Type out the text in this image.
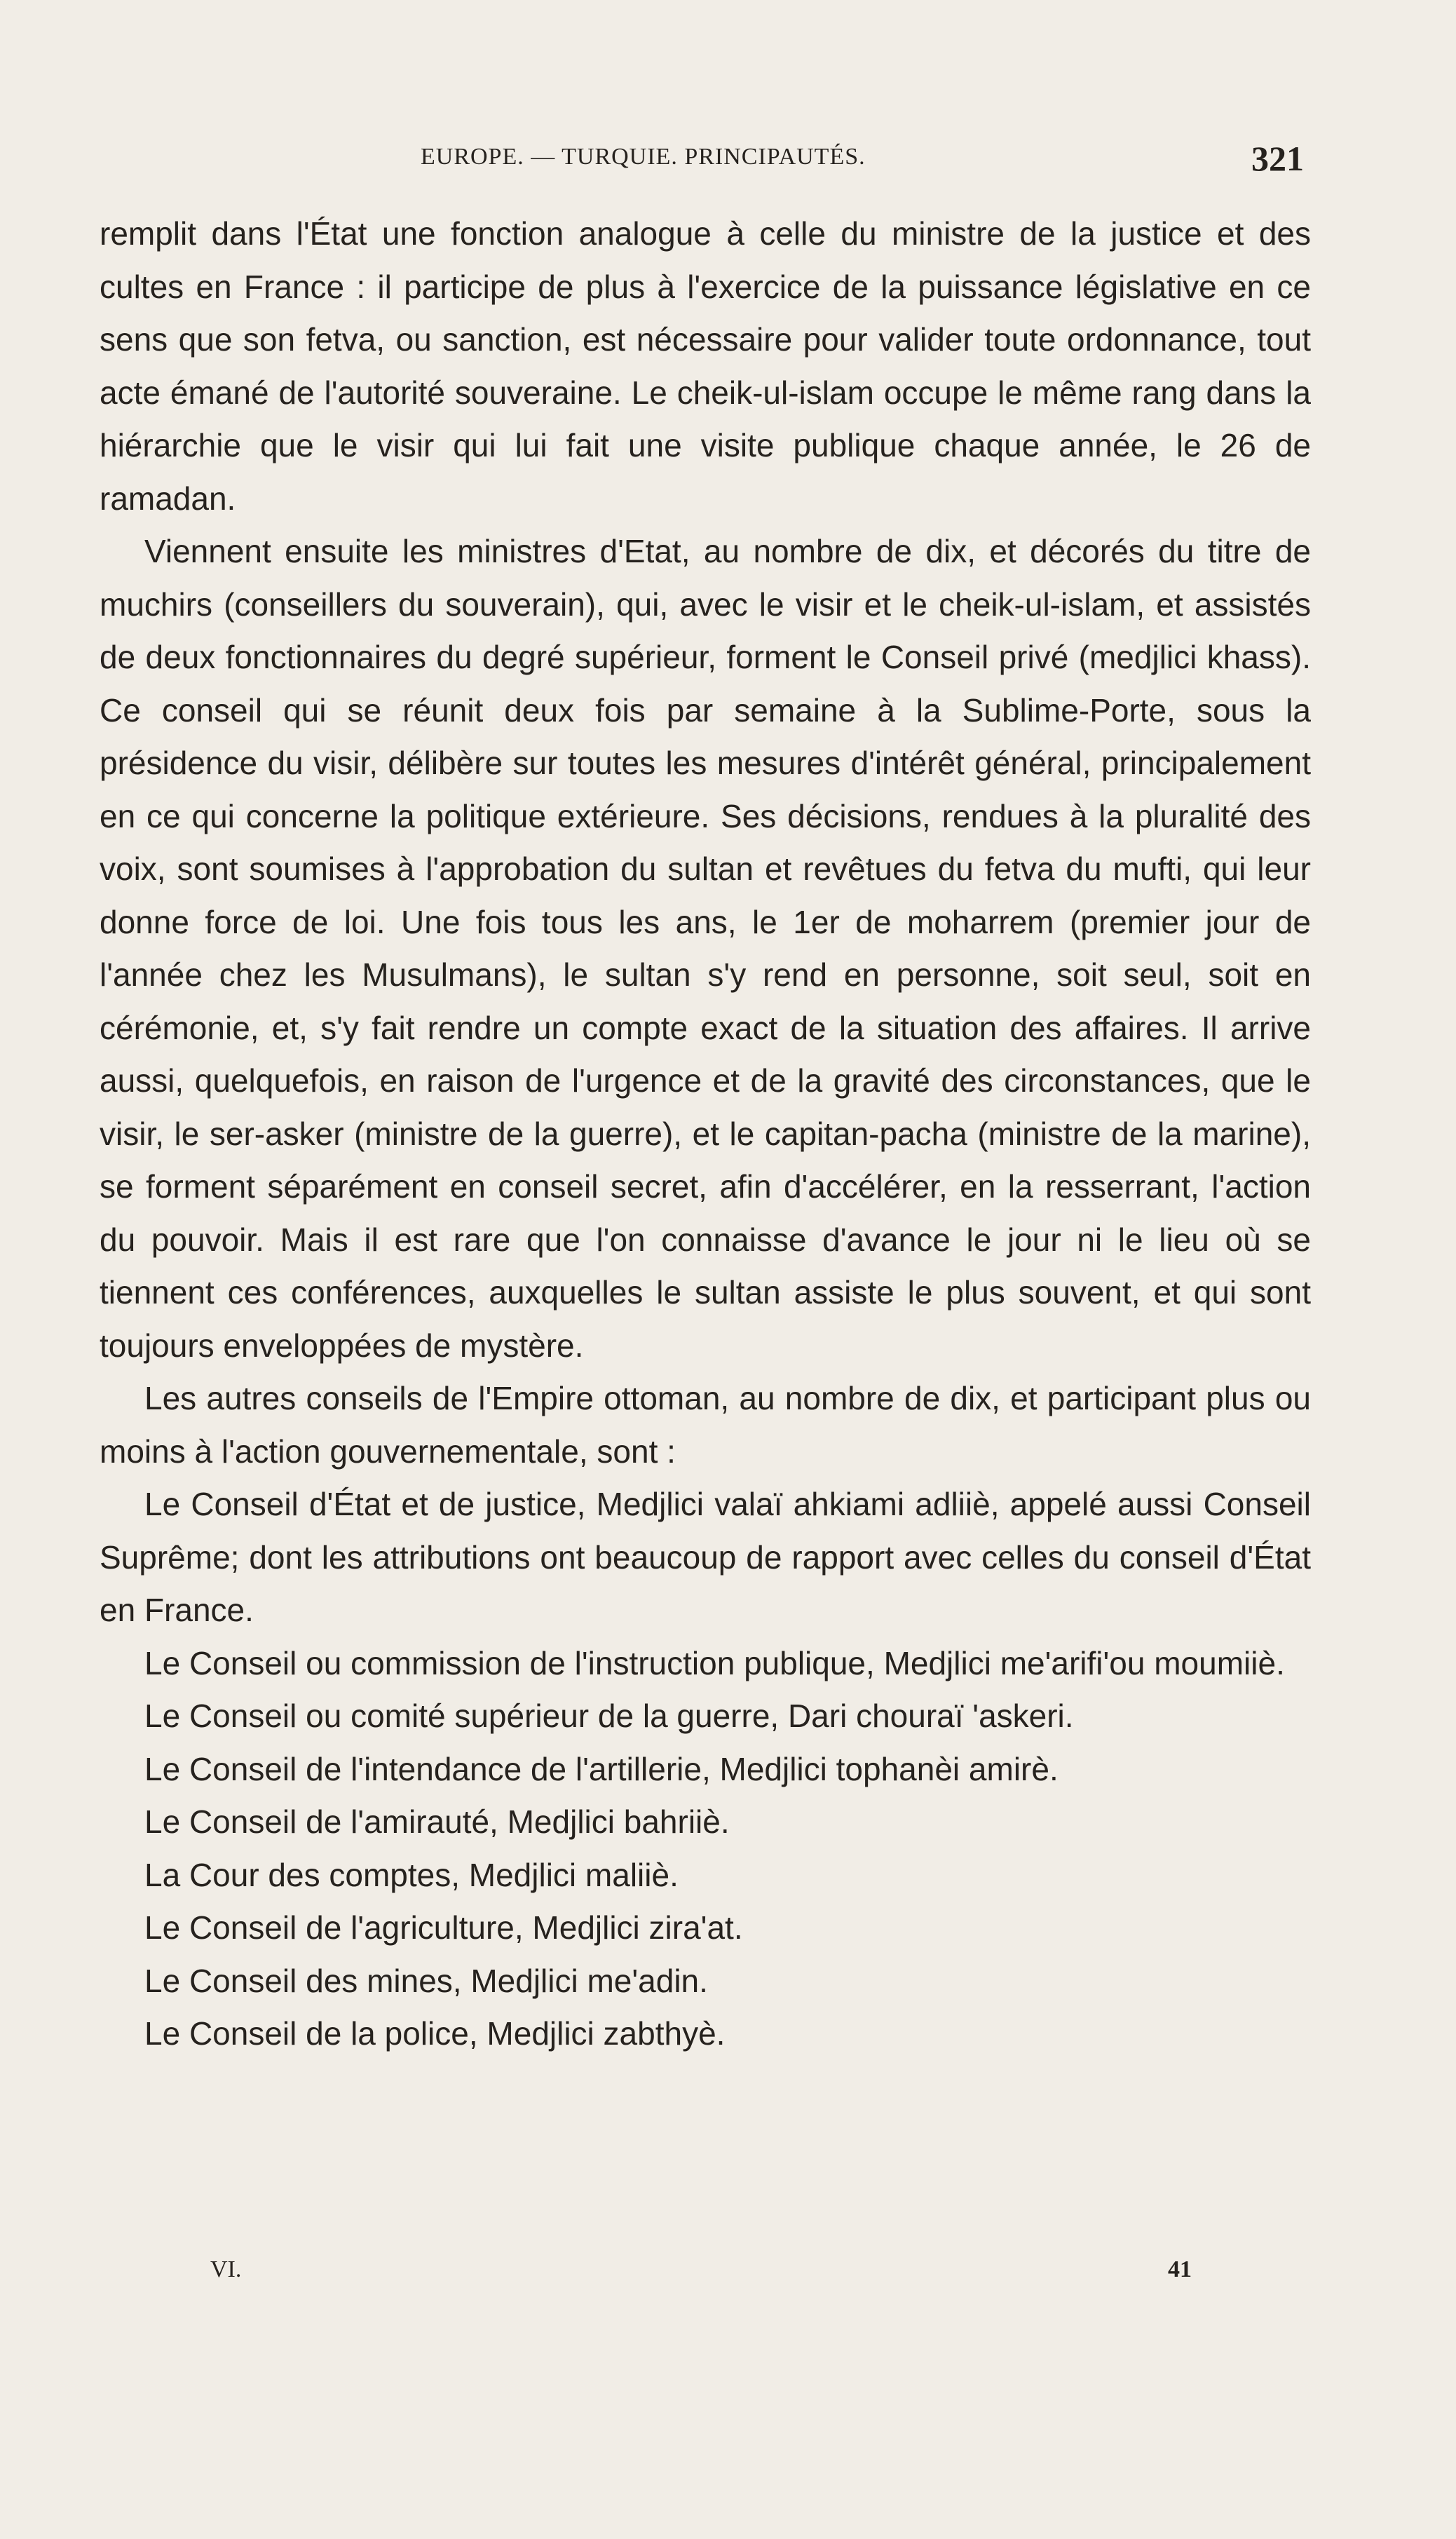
EUROPE. — TURQUIE. PRINCIPAUTÉS.	321

remplit dans l'État une fonction analogue à celle du ministre de la justice et des cultes en France : il participe de plus à l'exercice de la puissance législative en ce sens que son fetva, ou sanction, est nécessaire pour valider toute ordonnance, tout acte émané de l'autorité souveraine. Le cheik-ul-islam occupe le même rang dans la hiérarchie que le visir qui lui fait une visite publique chaque année, le 26 de ramadan.

Viennent ensuite les ministres d'Etat, au nombre de dix, et décorés du titre de muchirs (conseillers du souverain), qui, avec le visir et le cheik-ul-islam, et assistés de deux fonctionnaires du degré supérieur, forment le Conseil privé (medjlici khass). Ce conseil qui se réunit deux fois par semaine à la Sublime-Porte, sous la présidence du visir, délibère sur toutes les mesures d'intérêt général, principalement en ce qui concerne la politique extérieure. Ses décisions, rendues à la pluralité des voix, sont soumises à l'approbation du sultan et revêtues du fetva du mufti, qui leur donne force de loi. Une fois tous les ans, le 1er de moharrem (premier jour de l'année chez les Musulmans), le sultan s'y rend en personne, soit seul, soit en cérémonie, et, s'y fait rendre un compte exact de la situation des affaires. Il arrive aussi, quelquefois, en raison de l'urgence et de la gravité des circonstances, que le visir, le ser-asker (ministre de la guerre), et le capitan-pacha (ministre de la marine), se forment séparément en conseil secret, afin d'accélérer, en la resserrant, l'action du pouvoir. Mais il est rare que l'on connaisse d'avance le jour ni le lieu où se tiennent ces conférences, auxquelles le sultan assiste le plus souvent, et qui sont toujours enveloppées de mystère.

Les autres conseils de l'Empire ottoman, au nombre de dix, et participant plus ou moins à l'action gouvernementale, sont :

Le Conseil d'État et de justice, Medjlici valaï ahkiami adliiè, appelé aussi Conseil Suprême; dont les attributions ont beaucoup de rapport avec celles du conseil d'État en France.

Le Conseil ou commission de l'instruction publique, Medjlici me'arifi'ou moumiiè.

Le Conseil ou comité supérieur de la guerre, Dari chouraï 'askeri.

Le Conseil de l'intendance de l'artillerie, Medjlici tophanèi amirè.

Le Conseil de l'amirauté, Medjlici bahriiè.

La Cour des comptes, Medjlici maliiè.

Le Conseil de l'agriculture, Medjlici zira'at.

Le Conseil des mines, Medjlici me'adin.

Le Conseil de la police, Medjlici zabthyè.

VI.	41
